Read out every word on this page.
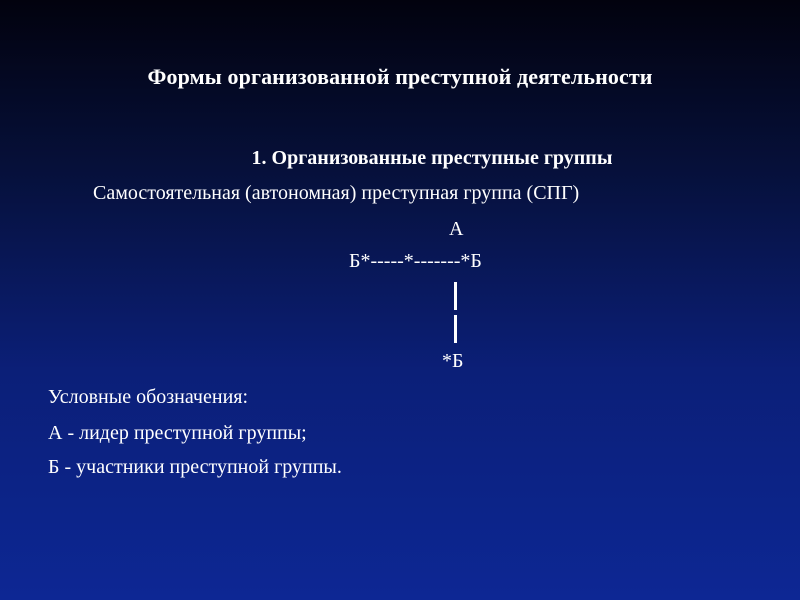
Формы организованной преступной деятельности
1. Организованные преступные группы
Самостоятельная (автономная) преступная группа (СПГ)
А
Б*-----*-------*Б
*Б
Условные обозначения:
А - лидер преступной группы;
Б - участники преступной группы.
